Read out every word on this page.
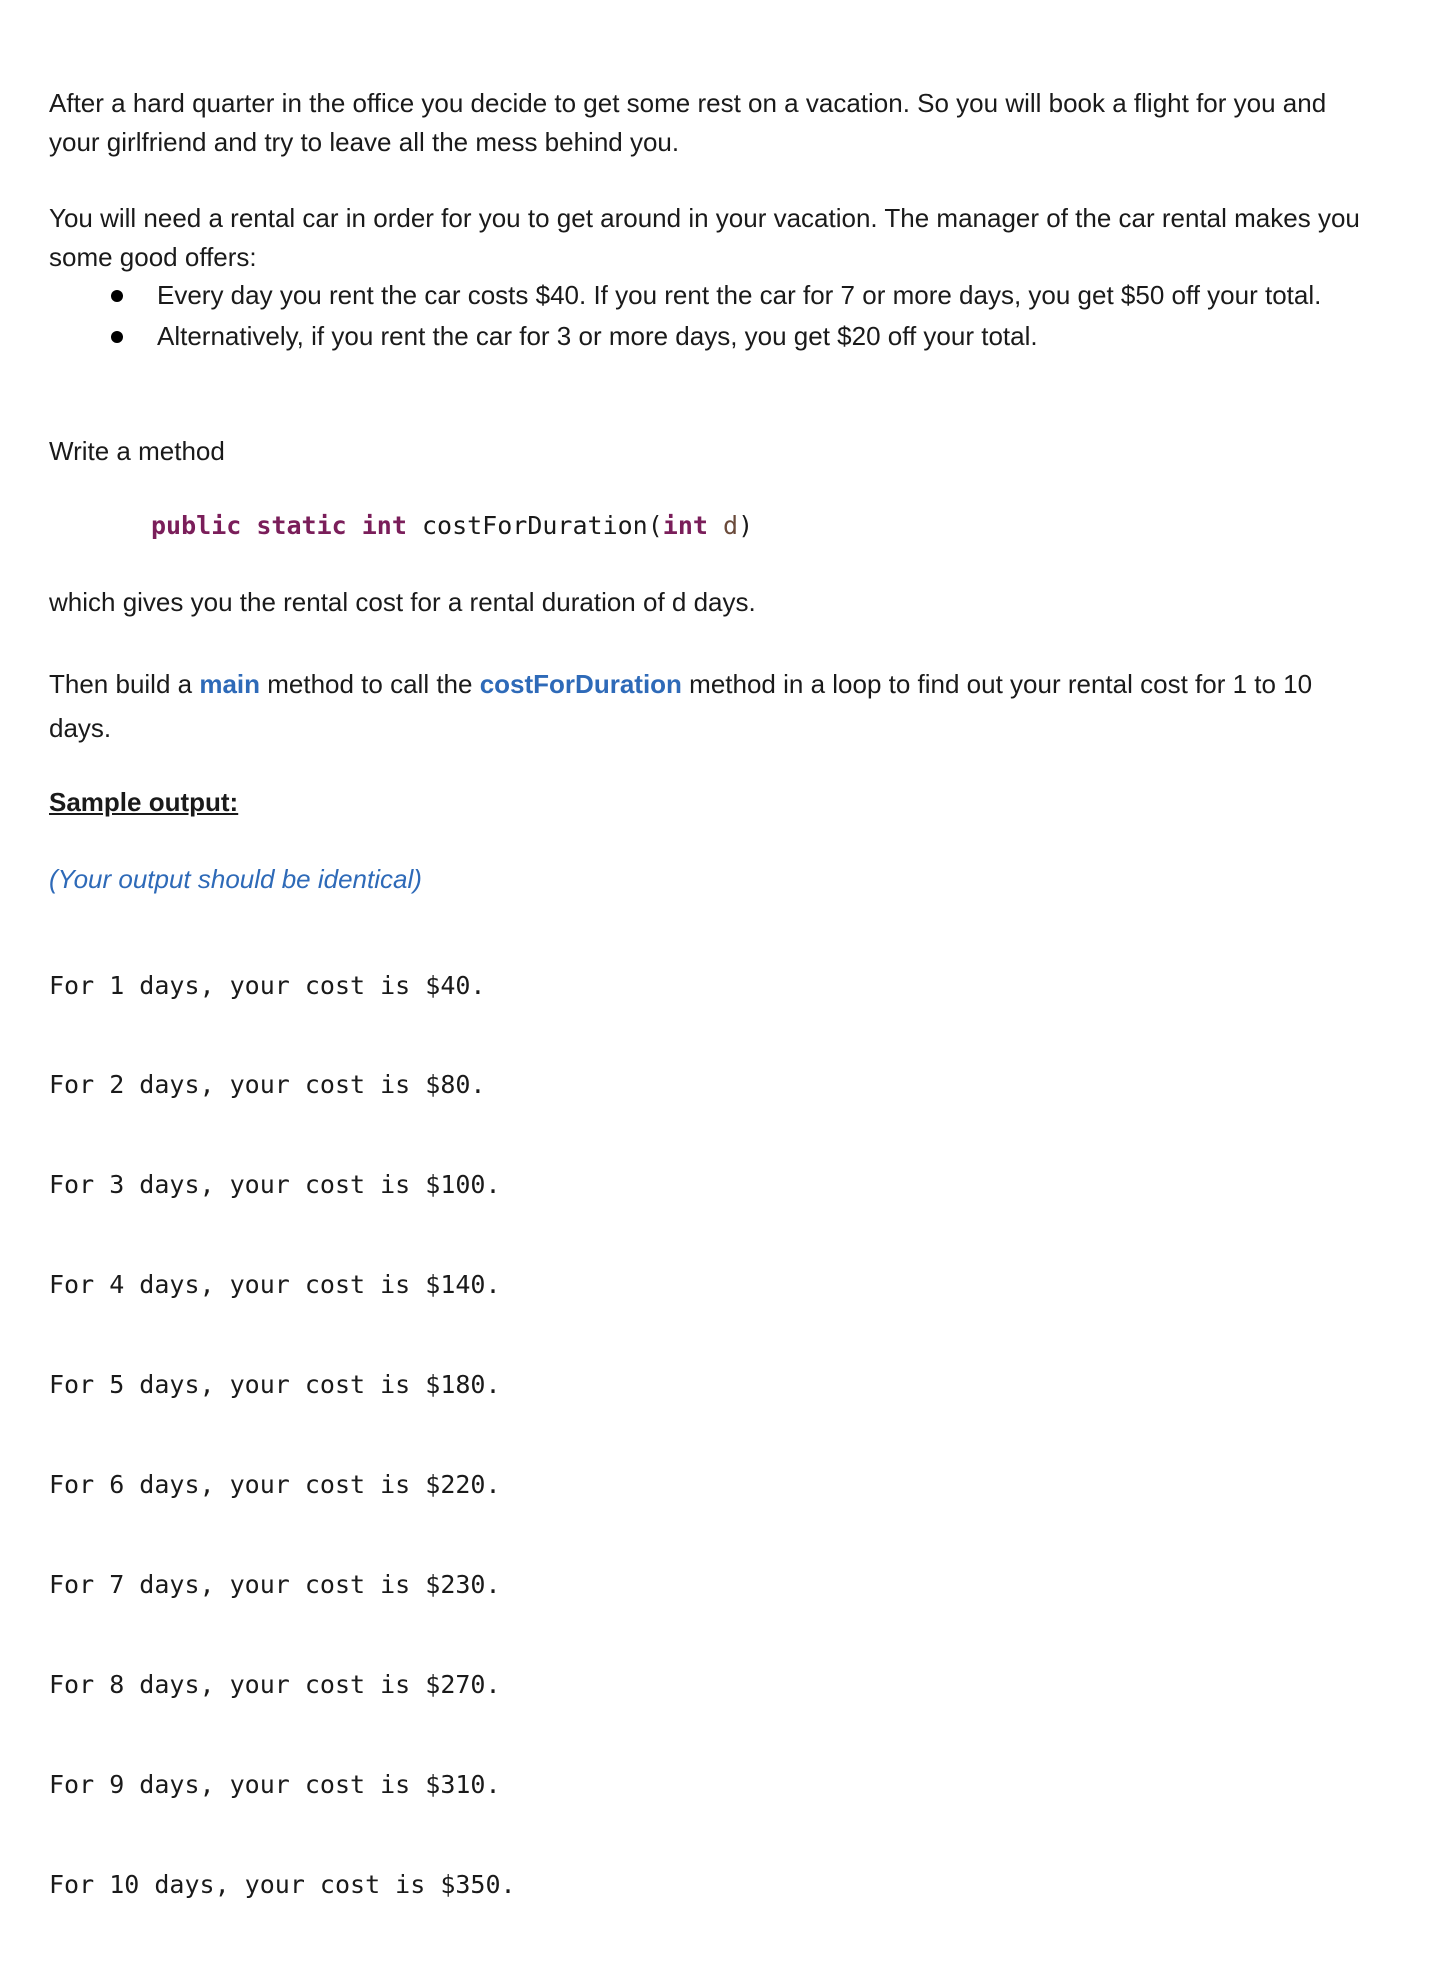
After a hard quarter in the office you decide to get some rest on a vacation. So you will book a flight for you and your girlfriend and try to leave all the mess behind you.

You will need a rental car in order for you to get around in your vacation. The manager of the car rental makes you some good offers:

Every day you rent the car costs $40. If you rent the car for 7 or more days, you get $50 off your total.
Alternatively, if you rent the car for 3 or more days, you get $20 off your total.

Write a method

public static int costForDuration(int d)

which gives you the rental cost for a rental duration of d days.

Then build a main method to call the costForDuration method in a loop to find out your rental cost for 1 to 10 days.

Sample output:
(Your output should be identical)

For 1 days, your cost is $40.

For 2 days, your cost is $80.

For 3 days, your cost is $100.

For 4 days, your cost is $140.

For 5 days, your cost is $180.

For 6 days, your cost is $220.

For 7 days, your cost is $230.

For 8 days, your cost is $270.

For 9 days, your cost is $310.

For 10 days, your cost is $350.
